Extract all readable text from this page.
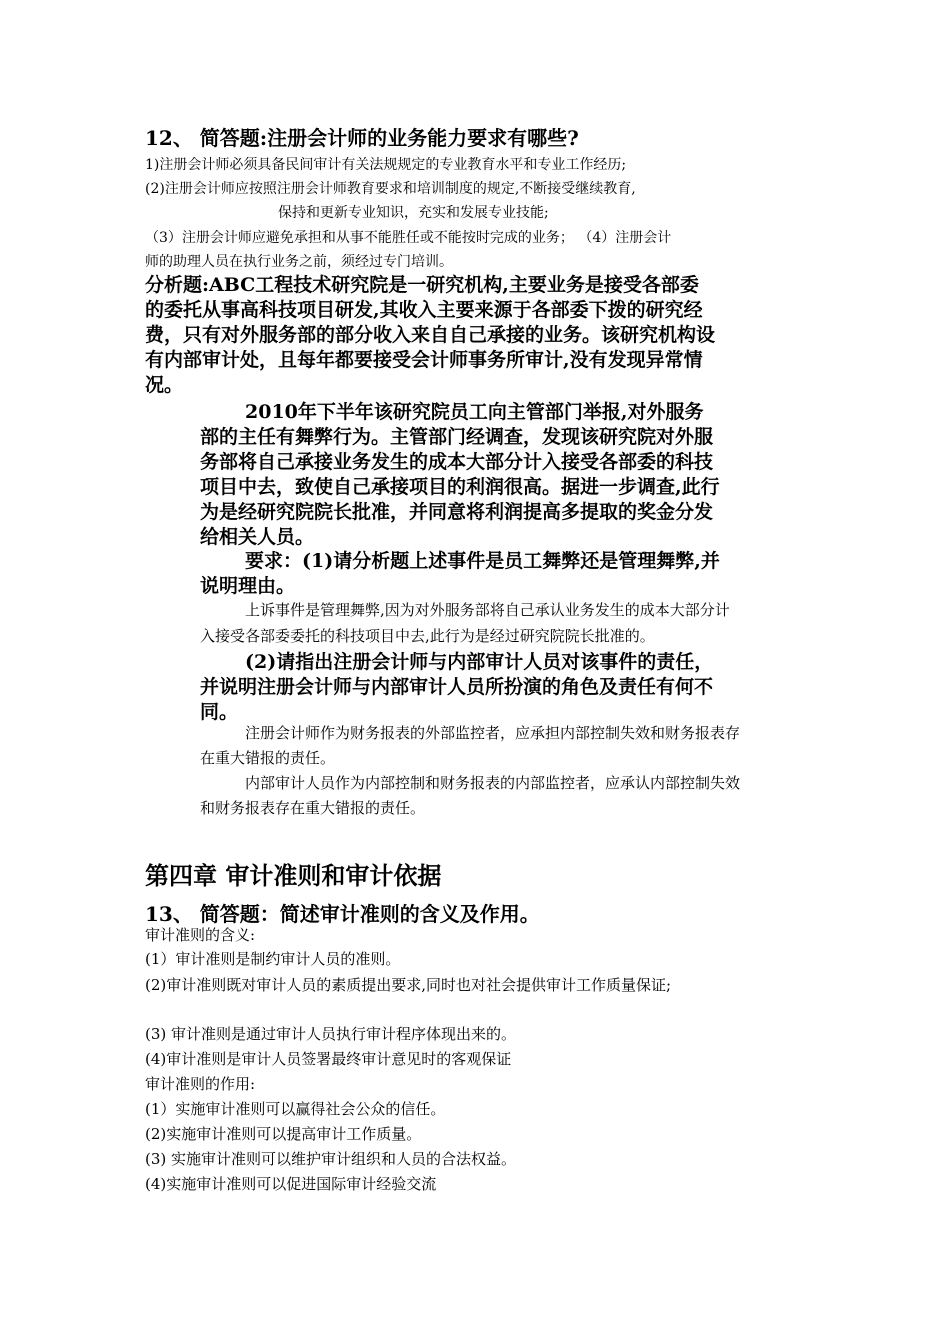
12、 简答题:注册会计师的业务能力要求有哪些?
1)注册会计师必须具备民间审计有关法规规定的专业教育水平和专业工作经历;
(2)注册会计师应按照注册会计师教育要求和培训制度的规定,不断接受继续教育,
保持和更新专业知识，充实和发展专业技能;
（3）注册会计师应避免承担和从事不能胜任或不能按时完成的业务； （4）注册会计
师的助理人员在执行业务之前，须经过专门培训。
分析题:ABC工程技术研究院是一研究机构,主要业务是接受各部委
的委托从事高科技项目研发,其收入主要来源于各部委下拨的研究经
费，只有对外服务部的部分收入来自自己承接的业务。该研究机构设
有内部审计处，且每年都要接受会计师事务所审计,没有发现异常情
况。
2010年下半年该研究院员工向主管部门举报,对外服务
部的主任有舞弊行为。主管部门经调查，发现该研究院对外服
务部将自己承接业务发生的成本大部分计入接受各部委的科技
项目中去，致使自己承接项目的利润很高。据进一步调查,此行
为是经研究院院长批准，并同意将利润提高多提取的奖金分发
给相关人员。
要求：(1)请分析题上述事件是员工舞弊还是管理舞弊,并
说明理由。
上诉事件是管理舞弊,因为对外服务部将自己承认业务发生的成本大部分计
入接受各部委委托的科技项目中去,此行为是经过研究院院长批准的。
(2)请指出注册会计师与内部审计人员对该事件的责任，
并说明注册会计师与内部审计人员所扮演的角色及责任有何不
同。
注册会计师作为财务报表的外部监控者，应承担内部控制失效和财务报表存
在重大错报的责任。
内部审计人员作为内部控制和财务报表的内部监控者，应承认内部控制失效
和财务报表存在重大错报的责任。
第四章 审计准则和审计依据
13、 简答题：简述审计准则的含义及作用。
审计准则的含义:
(1）审计准则是制约审计人员的准则。
(2)审计准则既对审计人员的素质提出要求,同时也对社会提供审计工作质量保证;
(3) 审计准则是通过审计人员执行审计程序体现出来的。
(4)审计准则是审计人员签署最终审计意见时的客观保证
审计准则的作用:
(1）实施审计准则可以赢得社会公众的信任。
(2)实施审计准则可以提高审计工作质量。
(3) 实施审计准则可以维护审计组织和人员的合法权益。
(4)实施审计准则可以促进国际审计经验交流
